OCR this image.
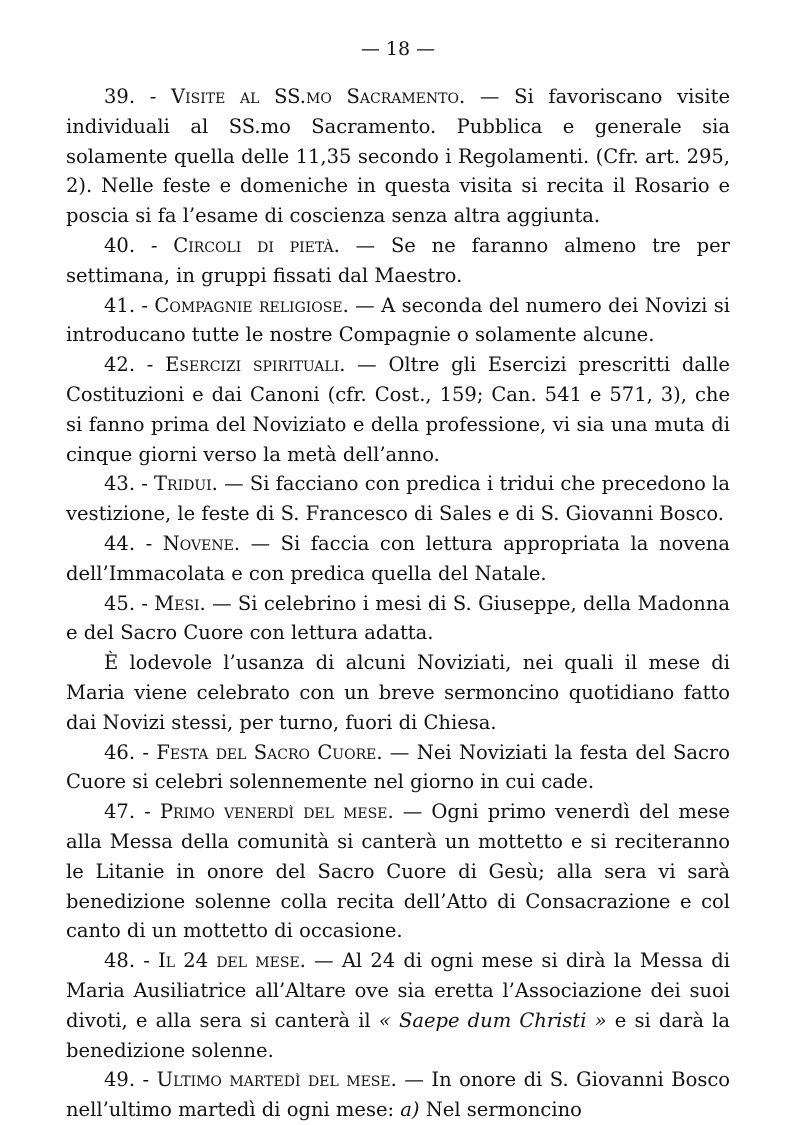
— 18 —

39. - Visite al SS.mo Sacramento. — Si favoriscano visite individuali al SS.mo Sacramento. Pubblica e generale sia solamente quella delle 11,35 secondo i Regolamenti. (Cfr. art. 295, 2). Nelle feste e domeniche in questa visita si recita il Rosario e poscia si fa l’esame di coscienza senza altra aggiunta.

40. - Circoli di pietà. — Se ne faranno almeno tre per settimana, in gruppi fissati dal Maestro.

41. - Compagnie religiose. — A seconda del numero dei Novizi si introducano tutte le nostre Compagnie o solamente alcune.

42. - Esercizi spirituali. — Oltre gli Esercizi prescritti dalle Costituzioni e dai Canoni (cfr. Cost., 159; Can. 541 e 571, 3), che si fanno prima del Noviziato e della professione, vi sia una muta di cinque giorni verso la metà dell’anno.

43. - Tridui. — Si facciano con predica i tridui che precedono la vestizione, le feste di S. Francesco di Sales e di S. Giovanni Bosco.

44. - Novene. — Si faccia con lettura appropriata la novena dell’Immacolata e con predica quella del Natale.

45. - Mesi. — Si celebrino i mesi di S. Giuseppe, della Madonna e del Sacro Cuore con lettura adatta.

È lodevole l’usanza di alcuni Noviziati, nei quali il mese di Maria viene celebrato con un breve sermoncino quotidiano fatto dai Novizi stessi, per turno, fuori di Chiesa.

46. - Festa del Sacro Cuore. — Nei Noviziati la festa del Sacro Cuore si celebri solennemente nel giorno in cui cade.

47. - Primo venerdì del mese. — Ogni primo venerdì del mese alla Messa della comunità si canterà un mottetto e si reciteranno le Litanie in onore del Sacro Cuore di Gesù; alla sera vi sarà benedizione solenne colla recita dell’Atto di Consacrazione e col canto di un mottetto di occasione.

48. - Il 24 del mese. — Al 24 di ogni mese si dirà la Messa di Maria Ausiliatrice all’Altare ove sia eretta l’Associazione dei suoi divoti, e alla sera si canterà il « Saepe dum Christi » e si darà la benedizione solenne.

49. - Ultimo martedì del mese. — In onore di S. Giovanni Bosco nell’ultimo martedì di ogni mese: a) Nel sermoncino
